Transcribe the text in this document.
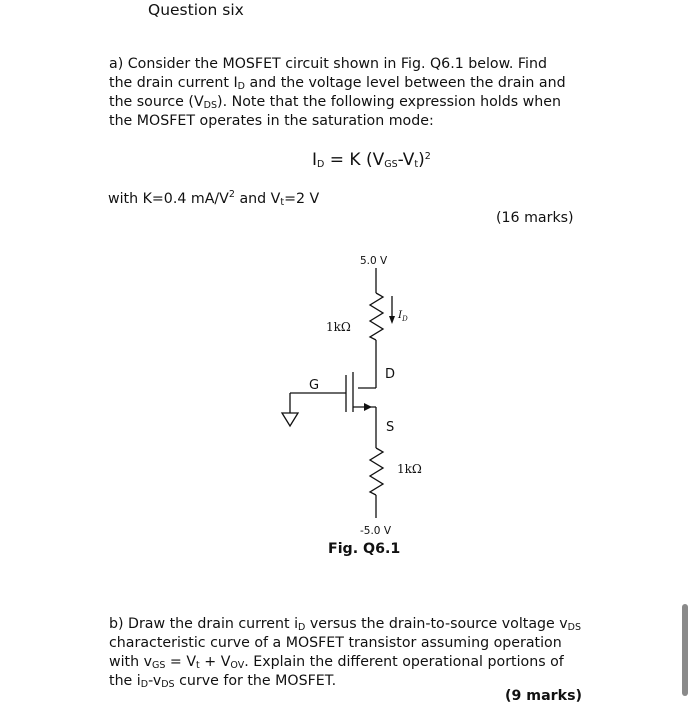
Question six

a) Consider the MOSFET circuit shown in Fig. Q6.1 below. Find

the drain current $I_D$ and the voltage level between the drain and

the source $(V_{DS})$. Note that the following expression holds when

the MOSFET operates in the saturation mode:

$I_D = K$ $(V_{GS}-V_t)^2$
with K=0.4 $mA/V^2$ and $V_t=2$ V
(16 marks)
5.0 V
-5.0 V
1kΩ
1kΩ
$I_D$
G
D
S
Fig. Q6.1

b) Draw the drain current $i_D$ versus the drain-to-source voltage $v_{DS}$

characteristic curve of a MOSFET transistor assuming operation

with $v_{GS} = V_t + V_{OV}$. Explain the different operational portions of

the $i_D-v_{DS}$ curve for the MOSFET.

(9 marks)
